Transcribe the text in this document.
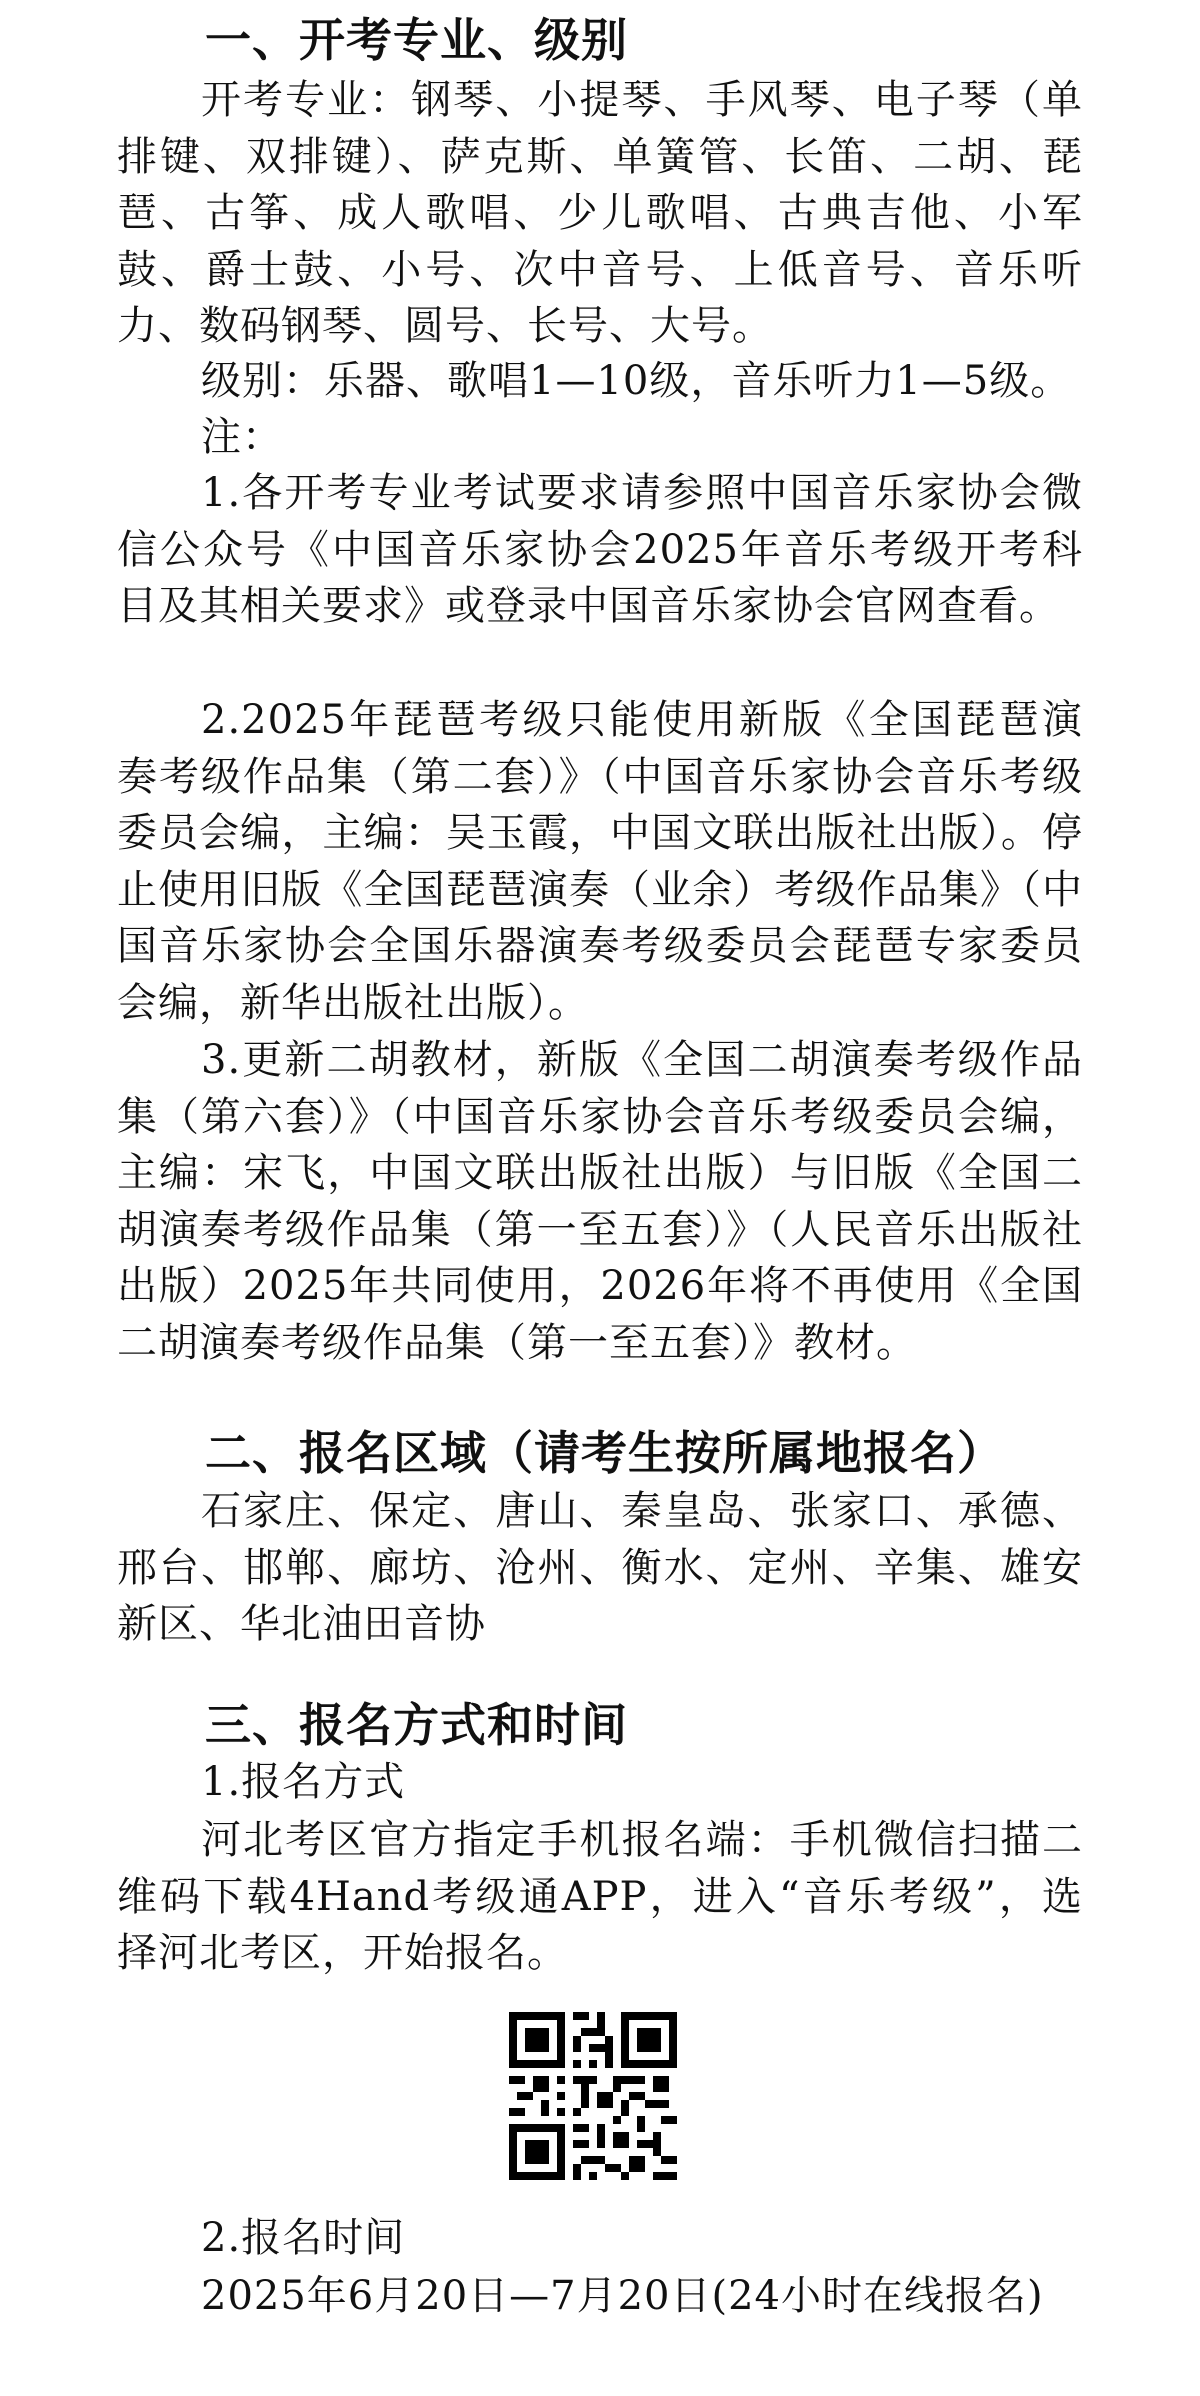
一、开考专业、级别
开考专业：钢琴、小提琴、手风琴、电子琴（单排键、双排键）、萨克斯、单簧管、长笛、二胡、琵琶、古筝、成人歌唱、少儿歌唱、古典吉他、小军鼓、爵士鼓、小号、次中音号、上低音号、音乐听力、数码钢琴、圆号、长号、大号。
级别：乐器、歌唱1—10级，音乐听力1—5级。
注：
1.各开考专业考试要求请参照中国音乐家协会微信公众号《中国音乐家协会2025年音乐考级开考科目及其相关要求》或登录中国音乐家协会官网查看。
2.2025年琵琶考级只能使用新版《全国琵琶演奏考级作品集（第二套）》（中国音乐家协会音乐考级委员会编，主编：吴玉霞，中国文联出版社出版）。停止使用旧版《全国琵琶演奏（业余）考级作品集》（中国音乐家协会全国乐器演奏考级委员会琵琶专家委员会编，新华出版社出版）。
3.更新二胡教材，新版《全国二胡演奏考级作品集（第六套）》（中国音乐家协会音乐考级委员会编，主编：宋飞，中国文联出版社出版）与旧版《全国二胡演奏考级作品集（第一至五套）》（人民音乐出版社出版）2025年共同使用，2026年将不再使用《全国二胡演奏考级作品集（第一至五套）》教材。
二、报名区域（请考生按所属地报名）
石家庄、保定、唐山、秦皇岛、张家口、承德、邢台、邯郸、廊坊、沧州、衡水、定州、辛集、雄安新区、华北油田音协
三、报名方式和时间
1.报名方式
河北考区官方指定手机报名端：手机微信扫描二维码下载4Hand考级通APP，进入“音乐考级”，选择河北考区，开始报名。
2.报名时间
2025年6月20日—7月20日(24小时在线报名)
